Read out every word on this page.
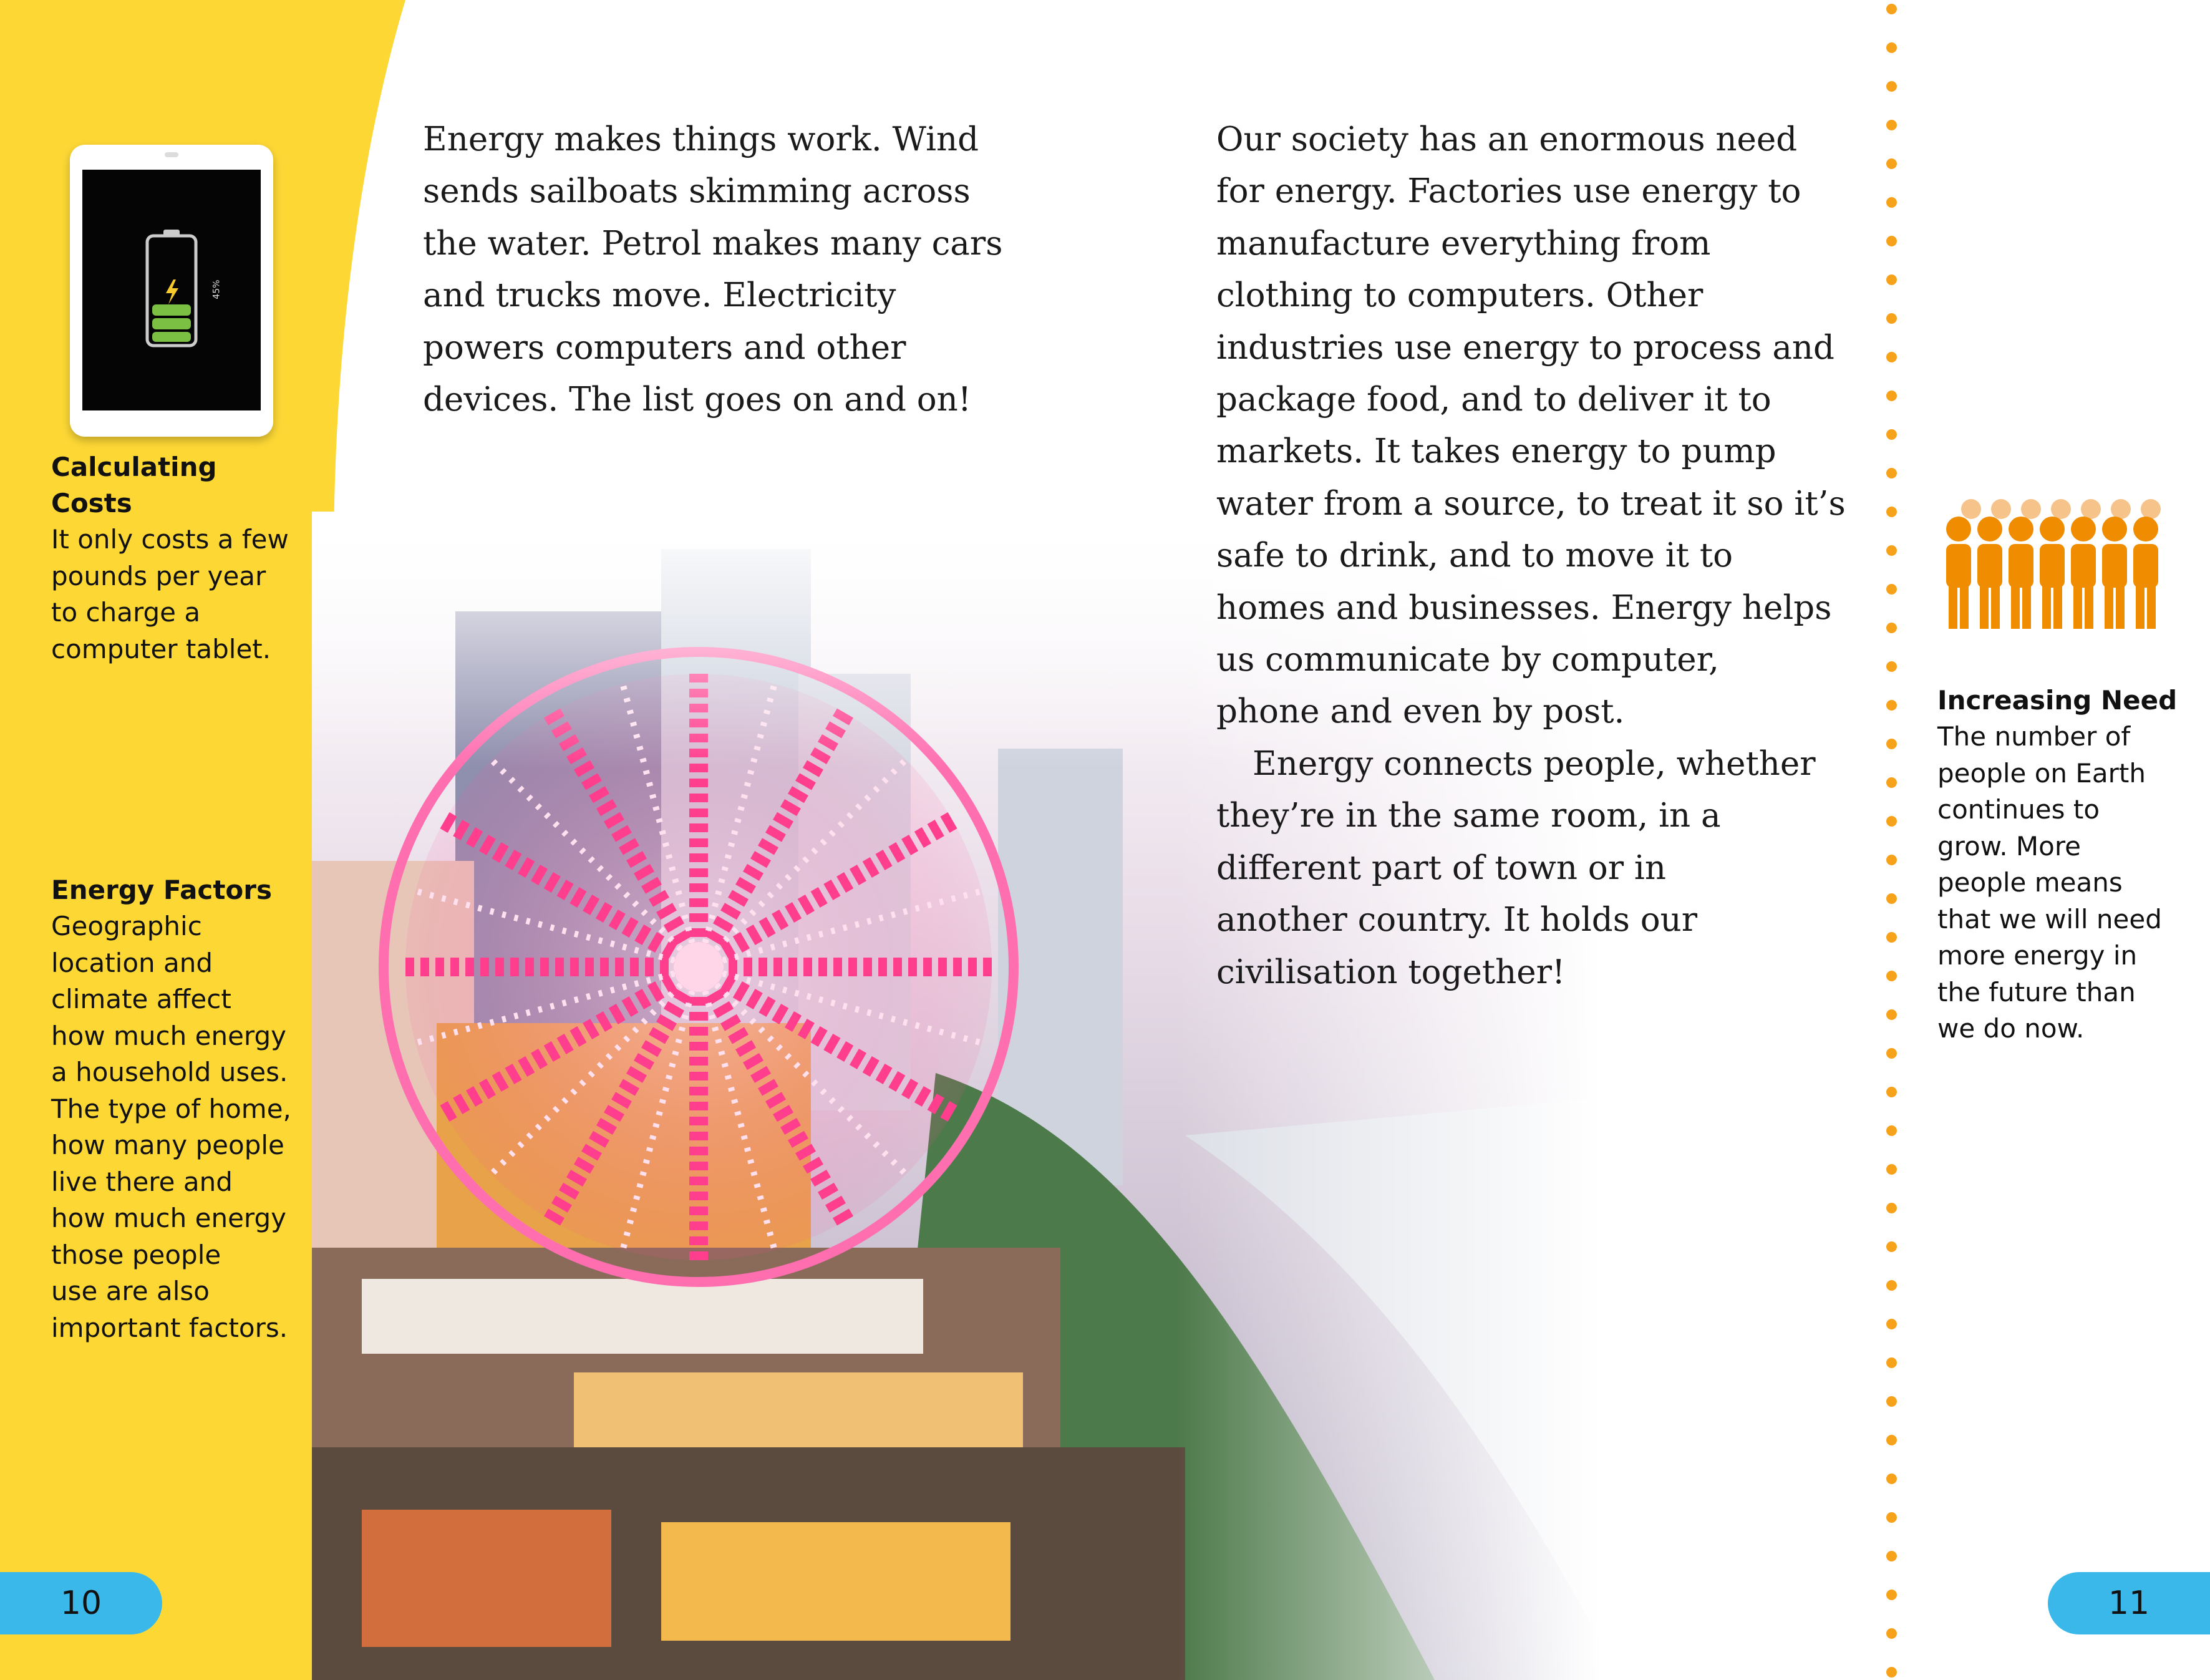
45%
Calculating Costs
It only costs a few
pounds per year
to charge a
computer tablet.
Energy Factors
Geographic
location and
climate affect
how much energy
a household uses.
The type of home,
how many people
live there and
how much energy
those people
use are also
important factors.

Energy makes things work. Wind

sends sailboats skimming across

the water. Petrol makes many cars

and trucks move. Electricity

powers computers and other

devices. The list goes on and on!

Our society has an enormous need

for energy. Factories use energy to

manufacture everything from

clothing to computers. Other

industries use energy to process and

package food, and to deliver it to

markets. It takes energy to pump

water from a source, to treat it so it’s

safe to drink, and to move it to

homes and businesses. Energy helps

us communicate by computer,

phone and even by post.

Energy connects people, whether

they’re in the same room, in a

different part of town or in

another country. It holds our

civilisation together!

Increasing Need
The number of
people on Earth
continues to
grow. More
people means
that we will need
more energy in
the future than
we do now.
10	11
